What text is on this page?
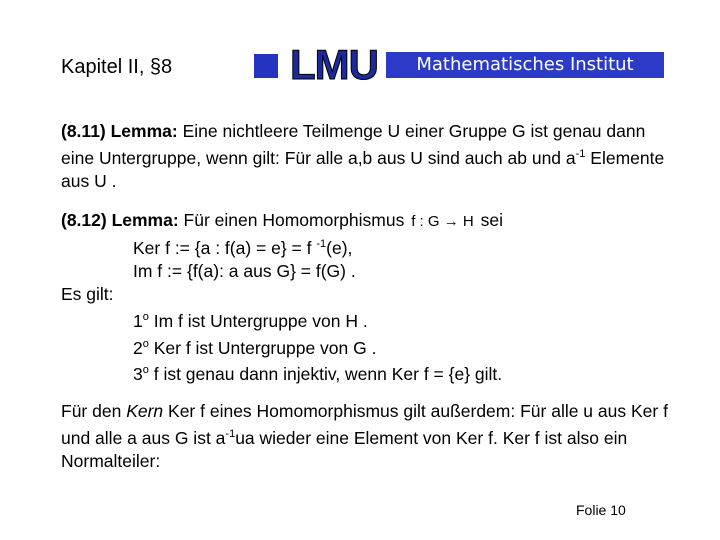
Kapitel II, §8	LMU	Mathematisches Institut
(8.11) Lemma: Eine nichtleere Teilmenge U einer Gruppe G ist genau dann eine Untergruppe, wenn gilt: Für alle a,b aus U sind auch ab und $a^{-1}$ Elemente aus U .
(8.12) Lemma: Für einen Homomorphismus f : G → H sei
Ker f := {a : f(a) = e} = f $^{-1}$(e),
Im f := {f(a): a aus G} = f(G) .
Es gilt:
1$^o$ Im f ist Untergruppe von H .
2$^o$ Ker f ist Untergruppe von G .
3$^o$ f ist genau dann injektiv, wenn Ker f = {e} gilt.
Für den Kern Ker f eines Homomorphismus gilt außerdem: Für alle u aus Ker f und alle a aus G ist $a^{-1}ua$ wieder eine Element von Ker f. Ker f ist also ein Normalteiler:
Folie 10
